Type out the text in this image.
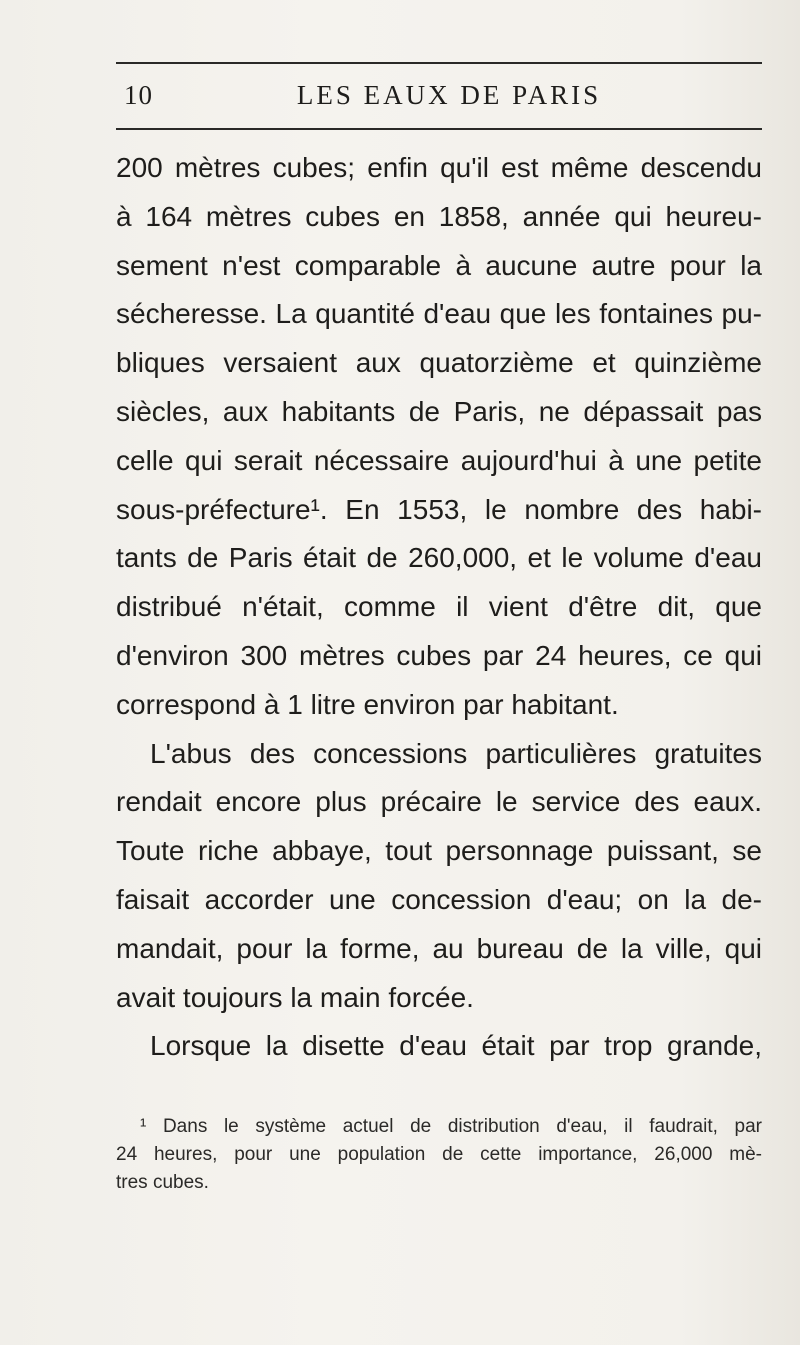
10	LES EAUX DE PARIS
200 mètres cubes; enfin qu'il est même descendu
à 164 mètres cubes en 1858, année qui heureu-
sement n'est comparable à aucune autre pour la
sécheresse. La quantité d'eau que les fontaines pu-
bliques versaient aux quatorzième et quinzième
siècles, aux habitants de Paris, ne dépassait pas
celle qui serait nécessaire aujourd'hui à une petite
sous-préfecture¹. En 1553, le nombre des habi-
tants de Paris était de 260,000, et le volume d'eau
distribué n'était, comme il vient d'être dit, que
d'environ 300 mètres cubes par 24 heures, ce qui
correspond à 1 litre environ par habitant.
L'abus des concessions particulières gratuites
rendait encore plus précaire le service des eaux.
Toute riche abbaye, tout personnage puissant, se
faisait accorder une concession d'eau; on la de-
mandait, pour la forme, au bureau de la ville, qui
avait toujours la main forcée.
Lorsque la disette d'eau était par trop grande,
¹ Dans le système actuel de distribution d'eau, il faudrait, par
24 heures, pour une population de cette importance, 26,000 mè-
tres cubes.
